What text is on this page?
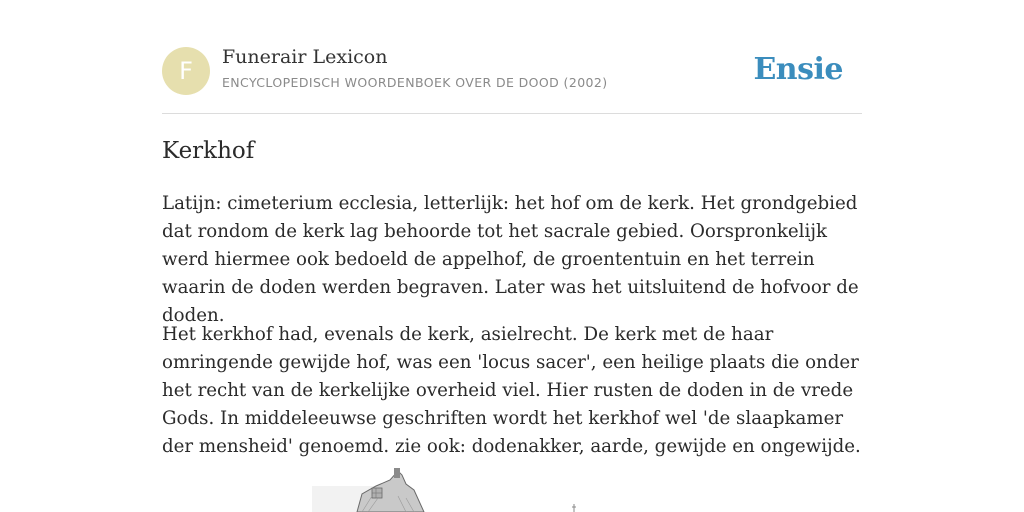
F	Funerair Lexicon
ENCYCLOPEDISCH WOORDENBOEK OVER DE DOOD (2002)	Ensie
Kerkhof

Latijn: cimeterium ecclesia, letterlijk: het hof om de kerk. Het grondgebied dat rondom de kerk lag behoorde tot het sacrale gebied. Oorspronkelijk werd hiermee ook bedoeld de appelhof, de groententuin en het terrein waarin de doden werden begraven. Later was het uitsluitend de hofvoor de doden.

Het kerkhof had, evenals de kerk, asielrecht. De kerk met de haar omringende gewijde hof, was een 'locus sacer', een heilige plaats die onder het recht van de kerkelijke overheid viel. Hier rusten de doden in de vrede Gods. In middeleeuwse geschriften wordt het kerkhof wel 'de slaapkamer der mensheid' genoemd. zie ook: dodenakker, aarde, gewijde en ongewijde.
